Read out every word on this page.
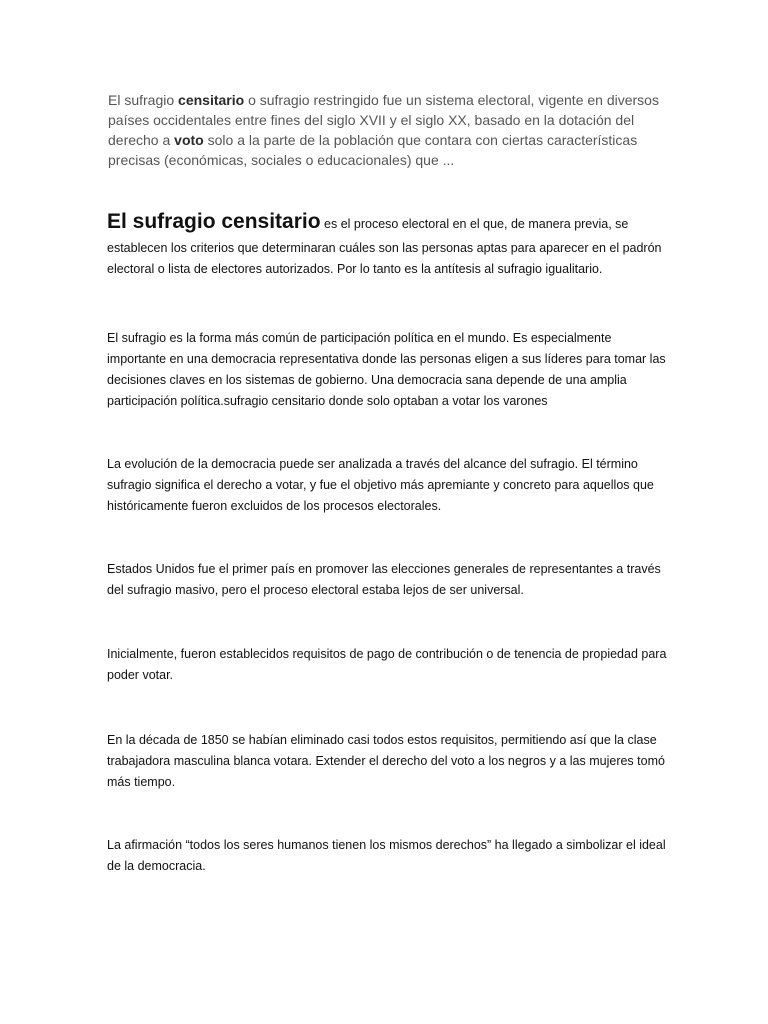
El sufragio censitario o sufragio restringido fue un sistema electoral, vigente en diversos países occidentales entre fines del siglo XVII y el siglo XX, basado en la dotación del derecho a voto solo a la parte de la población que contara con ciertas características precisas (económicas, sociales o educacionales) que ...

El sufragio censitario es el proceso electoral en el que, de manera previa, se establecen los criterios que determinaran cuáles son las personas aptas para aparecer en el padrón electoral o lista de electores autorizados. Por lo tanto es la antítesis al sufragio igualitario.

El sufragio es la forma más común de participación política en el mundo. Es especialmente importante en una democracia representativa donde las personas eligen a sus líderes para tomar las decisiones claves en los sistemas de gobierno. Una democracia sana depende de una amplia participación política.sufragio censitario donde solo optaban a votar los varones

La evolución de la democracia puede ser analizada a través del alcance del sufragio. El término sufragio significa el derecho a votar, y fue el objetivo más apremiante y concreto para aquellos que históricamente fueron excluidos de los procesos electorales.

Estados Unidos fue el primer país en promover las elecciones generales de representantes a través del sufragio masivo, pero el proceso electoral estaba lejos de ser universal.

Inicialmente, fueron establecidos requisitos de pago de contribución o de tenencia de propiedad para poder votar.

En la década de 1850 se habían eliminado casi todos estos requisitos, permitiendo así que la clase trabajadora masculina blanca votara. Extender el derecho del voto a los negros y a las mujeres tomó más tiempo.

La afirmación “todos los seres humanos tienen los mismos derechos” ha llegado a simbolizar el ideal de la democracia.
